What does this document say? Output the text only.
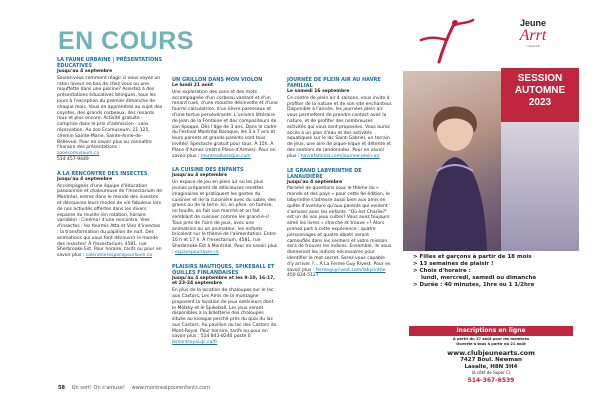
EN COURS

LA FAUNE URBAINE | PRÉSENTATIONS ÉDUCATIVES

Jusqu'au 4 septembre

Saviez-vous comment réagir si vous voyez un raton laveur en bas de chez vous ou une mouffette dans une piscine? Assistez à des présentations éducatives bilingues, tous les jours à l'exception du premier dimanche de chaque mois. Vous en apprendrez au sujet des coyotes, des grands corbeaux, des renards roux et plus encore. Activité gratuite – comprise dans le prix d'admission - sans réservation. Au zoo Ecomuseum, 21 125, chemin Sainte-Marie, Sainte-Anne-de-Bellevue. Pour en savoir plus ou connaître l'horaire des présentations : zooecomuseum.ca
514 457-9449

À LA RENCONTRE DES INSECTES

Jusqu'au 4 septembre

Accompagnés d'une équipe d'éducation passionnée et chaleureuse de l'Insectarium de Montréal, entrez dans le monde des insectes et découvrez leurs modes de vie fabuleux lors de nos activités offertes dans les divers espaces du musée (en rotation, horaire variable) : Cinéma! d'une rencontre, Vies d'insectes : les fourmis Atta et Vies d'insectes : la transformation du papillon de nuit. Des animations qui vous font découvrir le monde des insectes! À l'Insectarium, 4581, rue Sherbrooke Est. Pour horaire, tarifs ou pour en savoir plus : calendrierespacepourlavie.ca

UN GRILLON DANS MON VIOLON

Le lundi 21 août

Une exploration des sons et des mots accompagnée d'un corbeau vantard et d'un renard rusé, d'une mouche désinvolte et d'une fourmi calculatrice, d'un lièvre paresseux et d'une tortue persévérante. L'univers littéraire de Jean de la Fontaine et des compositeurs de son époque. Dès l'âge de 3 ans. Dans le cadre du Festival Montréal Baroque, les 3 à 7 ans et leurs parents et grands-parents sont tous invités! Spectacle gratuit pour tous. À 15h. À Place d'Armes (métro Place-d'Armes). Pour en savoir plus : montrealbaroque.com

LA CUISINE DES ENFANTS

Jusqu'au 4 septembre

Un espace de jeu en plein air où les plus jeunes préparent de délicieuses recettes imaginaires et pratiquent les gestes du cuisinier et de la cuisinière avec du sable, des grains ou de la terre. Ici, on pèse, on tamise, on touille, on fait son marché et on fait semblant de cuisiner comme les grand·e·s! Tous près de l'aire de jeux, avec une animatrice ou un animateur, les enfants bricolent sur le thème de l'alimentation. Entre 10 h et 17 h. À l'Insectarium, 4581, rue Sherbrooke Est à Montréal. Pour en savoir plus : espacepourlavie.ca

PLAISIRS NAUTIQUES, SPIKEBALL ET QUILLES FINLANDAISES

Jusqu'au 4 septembre et les 9-10, 16-17, et 23-24 septembre

En plus de la location de chaloupes sur le lac aux Castors, Les Amis de la montagne proposent la location de jeux extérieurs dont le Mölkky et le Spikeball. Les jeux seront disponibles à la billetterie des chaloupes située au kiosque perché près du quai du lac aux Castors. Au pavillon du lac des Castors du Mont-Royal. Pour horaire, tarifs ou pour en savoir plus : 514 843-8240 poste 0 lemontroyal.qc.ca/fr

JOURNÉE DE PLEIN AIR AU HAVRE FAMILIAL

Le samedi 16 septembre

Ce centre de plein air 4 saisons, vous invite à profiter de la nature et de son site enchanteur. Disponible à l'année, les journées plein air vous permettent de prendre contact avec la nature, et de profiter des nombreuses activités qui vous sont proposées. Vous aurez accès à un plan d'eau et des activités aquatiques sur le lac Saint-Gabriel, un terrain de jeux, une aire de pique-nique et détente et des sentiers de randonnées. Pour en savoir plus : havrefamilial.com/journee-plein-air

LE GRAND LABYRINTHE DE LANAUDIÈRE

Jusqu'au 4 septembre

Paramé de questions sous le thème du « monde et des pays » pour cette 9e édition, le labyrinthe s'adresse aussi bien aux amis en quête d'aventure qu'aux parents qui veulent s'amuser avec les enfants. "Où est Charlie?" est un de vos jeux cultes? Vous avez toujours aimé les livres « cherche et trouve »? Alors prenez part à cette expérience : quatre personnages et quatre objets seront camouflés dans les sentiers et votre mission sera de trouver les indices. Ensemble, ils vous donneront les indices nécessaires pour identifier le mot secret. Serez-vous capable d'y arriver ?... À La Ferme Guy Rivest. Pour en savoir plus : fermeguyrivest.com/labyrinthe
450 834-5127

58 On sort! On s'amuse! www.montrealpourenfants.com
Jeune
Arrt
LASALLE
SESSION
AUTOMNE
2023
> Filles et garçons à partir de 18 mois
> 13 semaines de plaisir !
> Choix d'horaire :
lundi, mercredi, samedi ou dimanche
> Durée : 40 minutes, 1hre ou 1 1/2hre
Inscriptions en ligne
À partir du 17 août pour les membres
Ouverte à tous à partir du 21 août
www.clubjeunearts.com
7427 Boul. Newman
Lasalle, H8N 3H4
(à côté de Super C)
514-367-6539
